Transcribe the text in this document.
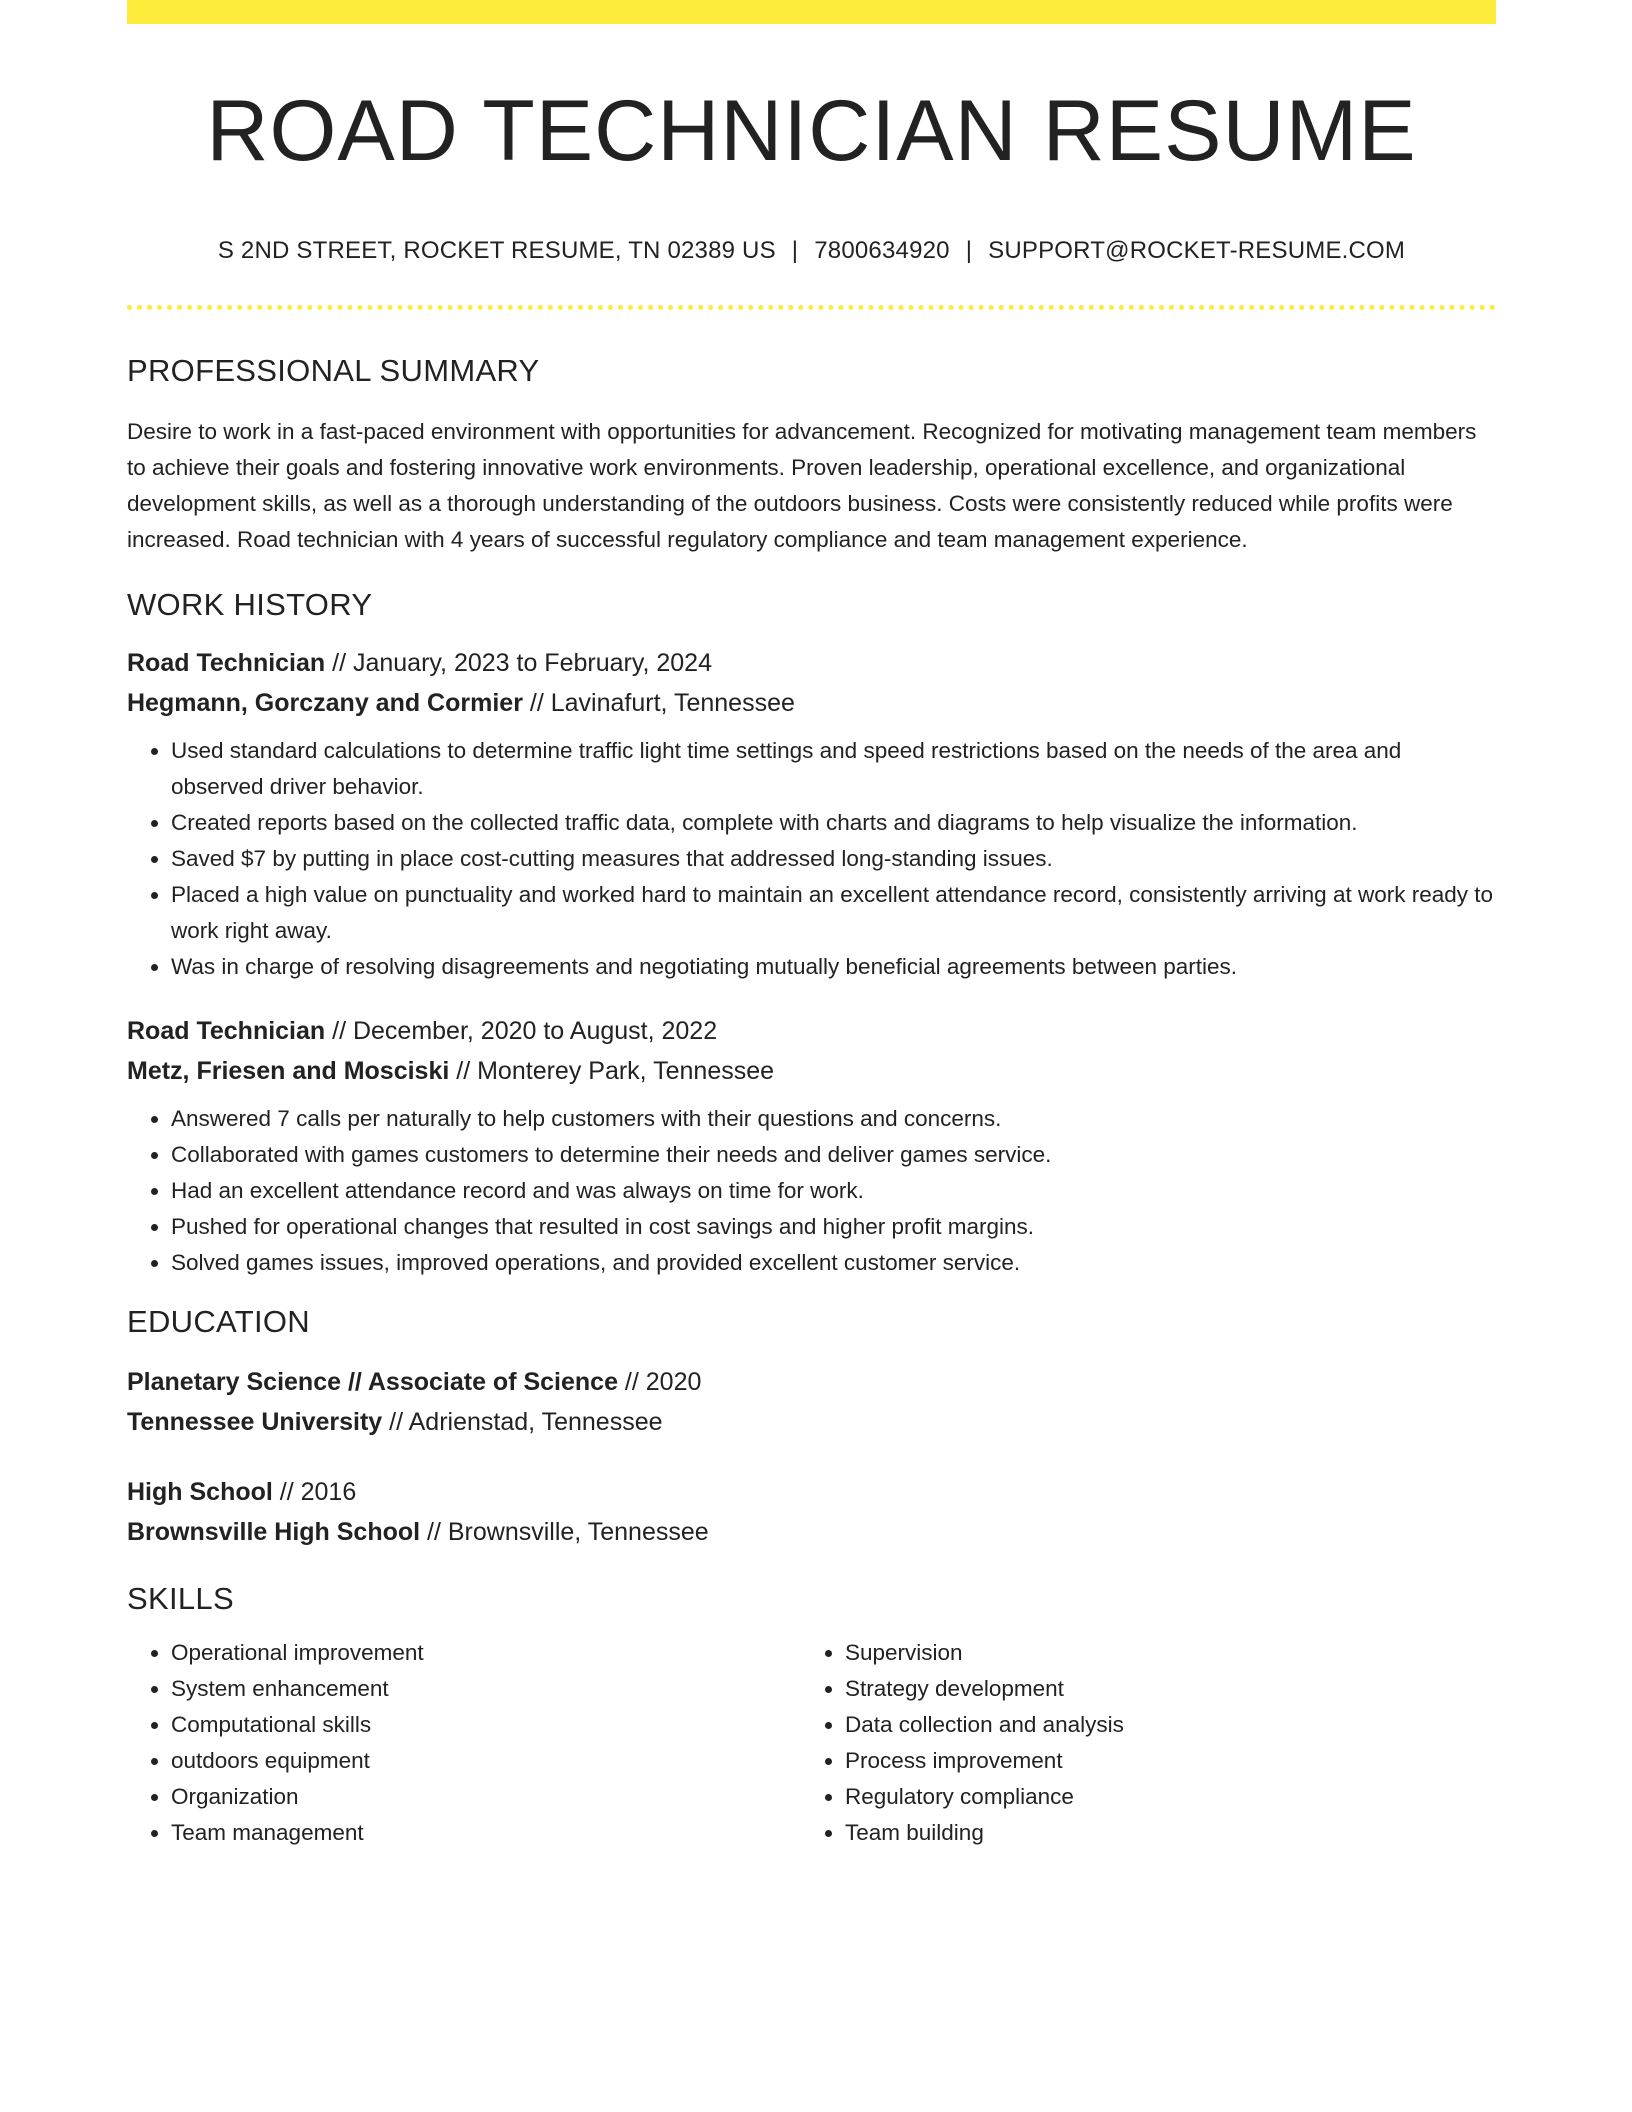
ROAD TECHNICIAN RESUME
S 2ND STREET, ROCKET RESUME, TN 02389 US | 7800634920 | SUPPORT@ROCKET-RESUME.COM
PROFESSIONAL SUMMARY
Desire to work in a fast-paced environment with opportunities for advancement. Recognized for motivating management team members to achieve their goals and fostering innovative work environments. Proven leadership, operational excellence, and organizational development skills, as well as a thorough understanding of the outdoors business. Costs were consistently reduced while profits were increased. Road technician with 4 years of successful regulatory compliance and team management experience.
WORK HISTORY
Road Technician // January, 2023 to February, 2024
Hegmann, Gorczany and Cormier // Lavinafurt, Tennessee
• Used standard calculations to determine traffic light time settings and speed restrictions based on the needs of the area and observed driver behavior.
• Created reports based on the collected traffic data, complete with charts and diagrams to help visualize the information.
• Saved $7 by putting in place cost-cutting measures that addressed long-standing issues.
• Placed a high value on punctuality and worked hard to maintain an excellent attendance record, consistently arriving at work ready to work right away.
• Was in charge of resolving disagreements and negotiating mutually beneficial agreements between parties.
Road Technician // December, 2020 to August, 2022
Metz, Friesen and Mosciski // Monterey Park, Tennessee
• Answered 7 calls per naturally to help customers with their questions and concerns.
• Collaborated with games customers to determine their needs and deliver games service.
• Had an excellent attendance record and was always on time for work.
• Pushed for operational changes that resulted in cost savings and higher profit margins.
• Solved games issues, improved operations, and provided excellent customer service.
EDUCATION
Planetary Science // Associate of Science // 2020
Tennessee University // Adrienstad, Tennessee
High School // 2016
Brownsville High School // Brownsville, Tennessee
SKILLS
• Operational improvement
• System enhancement
• Computational skills
• outdoors equipment
• Organization
• Team management
• Supervision
• Strategy development
• Data collection and analysis
• Process improvement
• Regulatory compliance
• Team building
